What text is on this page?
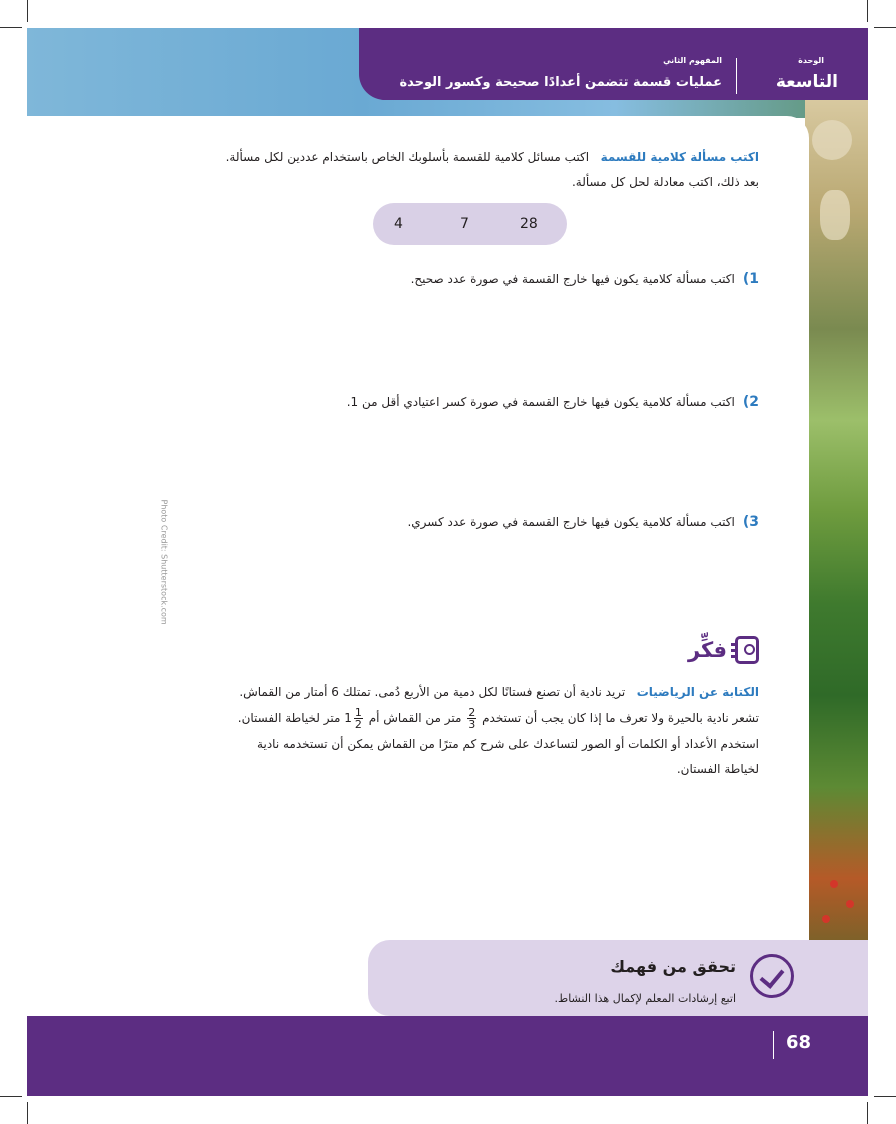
الوحدة
التاسعة
المفهوم الثاني
عمليات قسمة تتضمن أعدادًا صحيحة وكسور الوحدة
اكتب مسألة كلامية للقسمة   اكتب مسائل كلامية للقسمة بأسلوبك الخاص باستخدام عددين لكل مسألة.
بعد ذلك، اكتب معادلة لحل كل مسألة.
28
7
4
1)اكتب مسألة كلامية يكون فيها خارج القسمة في صورة عدد صحيح.
2)اكتب مسألة كلامية يكون فيها خارج القسمة في صورة كسر اعتيادي أقل من 1.
3)اكتب مسألة كلامية يكون فيها خارج القسمة في صورة عدد كسري.
Photo Credit: Shutterstock.com
فكِّر
الكتابة عن الرياضيات   تريد نادية أن تصنع فستانًا لكل دمية من الأربع دُمى. تمتلك 6 أمتار من القماش.
تشعر نادية بالحيرة ولا تعرف ما إذا كان يجب أن تستخدم
$\frac{2}{3}$
متر من القماش أم $1 \frac{1}{2}$
متر لخياطة الفستان.
استخدم الأعداد أو الكلمات أو الصور لتساعدك على شرح كم مترًا من القماش يمكن أن تستخدمه نادية
لخياطة الفستان.
تحقق من فهمك
اتبع إرشادات المعلم لإكمال هذا النشاط.
68
